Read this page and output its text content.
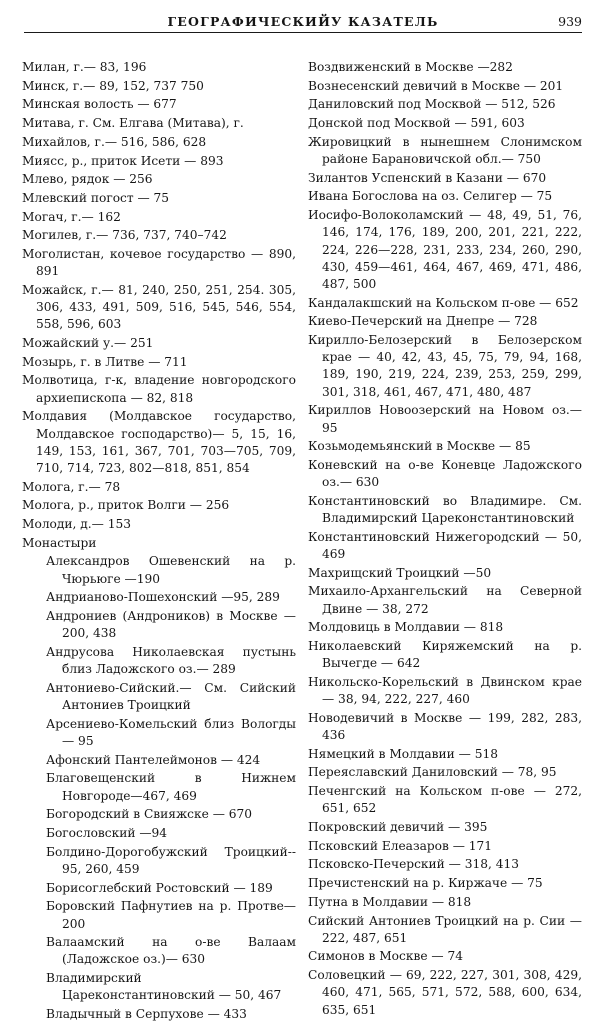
ГЕОГРАФИЧЕСКИЙУ КАЗАТЕЛЬ	939

Милан, г.— 83, 196

Минск, г.— 89, 152, 737 750

Минская волость — 677

Митава, г. См. Елгава (Митава), г.

Михайлов, г.— 516, 586, 628

Миясс, р., приток Исети — 893

Млево, рядок — 256

Млевский погост — 75

Могач, г.— 162

Могилев, г.— 736, 737, 740–742

Моголистан, кочевое государство — 890, 891

Можайск, г.— 81, 240, 250, 251, 254. 305, 306, 433, 491, 509, 516, 545, 546, 554, 558, 596, 603

Можайский у.— 251

Мозырь, г. в Литве — 711

Молвотица, г-к, владение новгородского архиепископа — 82, 818

Молдавия (Молдавское государство, Молдавское господарство)— 5, 15, 16, 149, 153, 161, 367, 701, 703—705, 709, 710, 714, 723, 802—818, 851, 854

Молога, г.— 78

Молога, р., приток Волги — 256

Молоди, д.— 153

Монастыри

Александров Ошевенский на р. Чюрьюге —190

Андрианово-Пошехонский —95, 289

Андрониев (Андроников) в Москве — 200, 438

Андрусова Николаевская пустынь близ Ладожского оз.— 289

Антониево-Сийский.— См. Сийский Антониев Троицкий

Арсениево-Комельский близ Вологды — 95

Афонский Пантелеймонов — 424

Благовещенский в Нижнем Новгороде—467, 469

Богородский в Свияжске — 670

Богословский —94

Болдино-Дорогобужский Троицкий-- 95, 260, 459

Борисоглебский Ростовский — 189

Боровский Пафнутиев на р. Протве—200

Валаамский на о-ве Валаам (Ладожское оз.)— 630

Владимирский Цареконстантиновский — 50, 467

Владычный в Серпухове — 433

Воздвиженский в Москве —282

Вознесенский девичий в Москве — 201

Даниловский под Москвой — 512, 526

Донской под Москвой — 591, 603

Жировицкий в нынешнем Слонимском районе Барановичской обл.— 750

Зилантов Успенский в Казани — 670

Ивана Богослова на оз. Селигер — 75

Иосифо-Волоколамский — 48, 49, 51, 76, 146, 174, 176, 189, 200, 201, 221, 222, 224, 226—228, 231, 233, 234, 260, 290, 430, 459—461, 464, 467, 469, 471, 486, 487, 500

Кандалакшский на Кольском п-ове — 652

Киево-Печерский на Днепре — 728

Кирилло-Белозерский в Белозерском крае — 40, 42, 43, 45, 75, 79, 94, 168, 189, 190, 219, 224, 239, 253, 259, 299, 301, 318, 461, 467, 471, 480, 487

Кириллов Новоозерский на Новом оз.— 95

Козьмодемьянский в Москве — 85

Коневский на о-ве Коневце Ладожского оз.— 630

Константиновский во Владимире. См. Владимирский Цареконстантиновский

Константиновский Нижегородский — 50, 469

Махрищский Троицкий —50

Михаило-Архангельский на Северной Двине — 38, 272

Молдовиць в Молдавии — 818

Николаевский Киряжемский на р. Вычегде — 642

Никольско-Корельский в Двинском крае — 38, 94, 222, 227, 460

Новодевичий в Москве — 199, 282, 283, 436

Нямецкий в Молдавии — 518

Переяславский Даниловский — 78, 95

Печенгский на Кольском п-ове — 272, 651, 652

Покровский девичий — 395

Псковский Елеазаров — 171

Псковско-Печерский — 318, 413

Пречистенский на р. Киржаче — 75

Путна в Молдавии — 818

Сийский Антониев Троицкий на р. Сии — 222, 487, 651

Симонов в Москве — 74

Соловецкий — 69, 222, 227, 301, 308, 429, 460, 471, 565, 571, 572, 588, 600, 634, 635, 651
